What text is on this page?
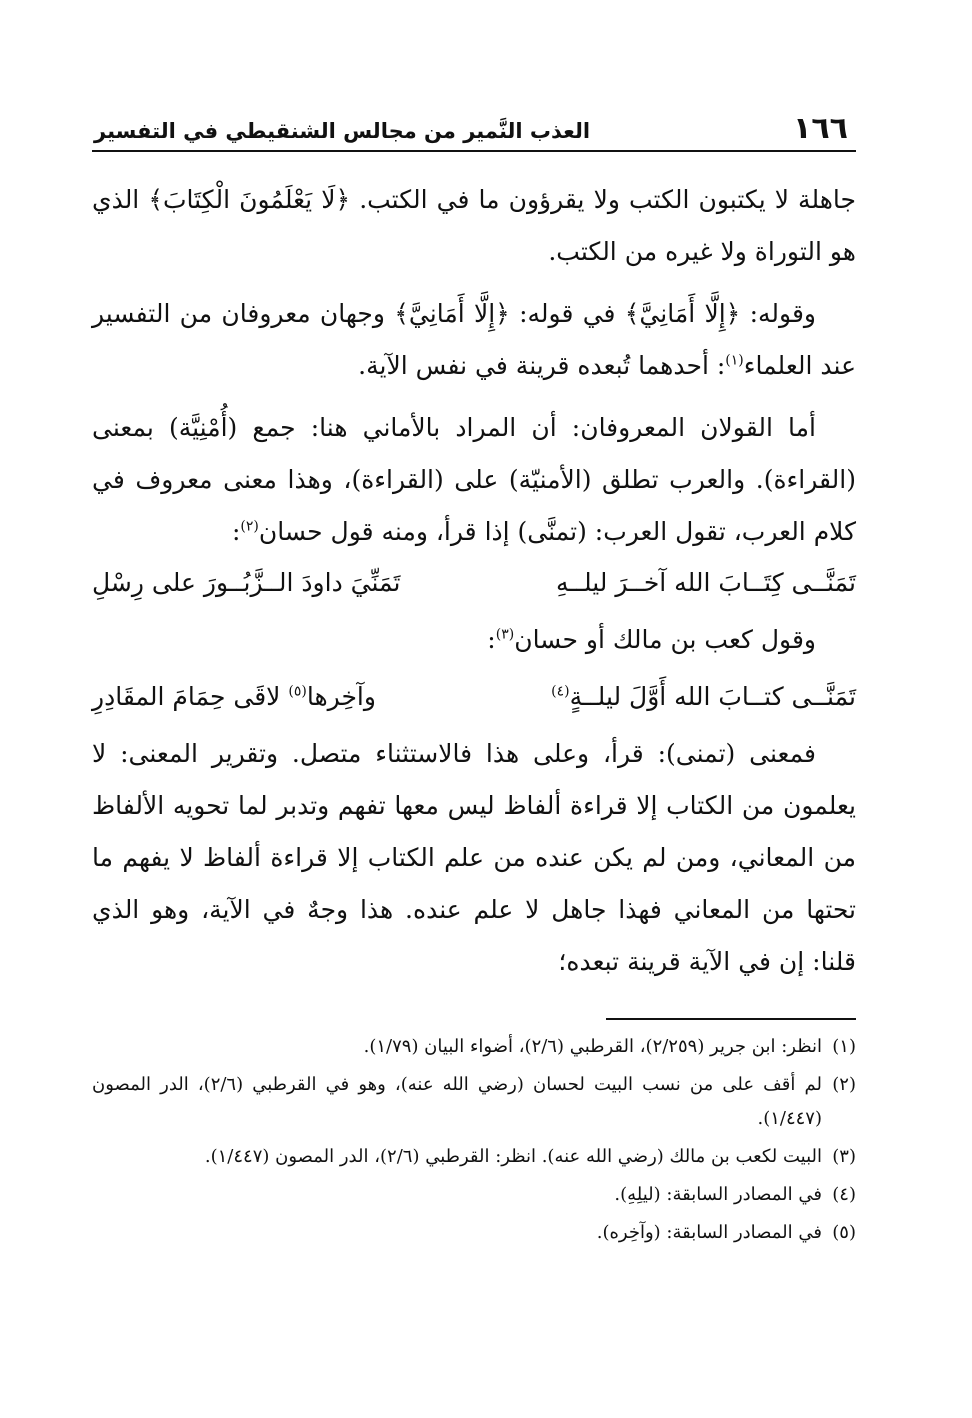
١٦٦
العذب النَّمير من مجالس الشنقيطي في التفسير

جاهلة لا يكتبون الكتب ولا يقرؤون ما في الكتب. ﴿لَا يَعْلَمُونَ الْكِتَابَ﴾ الذي هو التوراة ولا غيره من الكتب.

وقوله: ﴿إِلَّا أَمَانِيَّ﴾ في قوله: ﴿إِلَّا أَمَانِيَّ﴾ وجهان معروفان من التفسير عند العلماء$^{(١)}$: أحدهما تُبعده قرينة في نفس الآية.

أما القولان المعروفان: أن المراد بالأماني هنا: جمع (أُمْنِيَّة) بمعنى (القراءة). والعرب تطلق (الأمنيّة) على (القراءة)، وهذا معنى معروف في كلام العرب، تقول العرب: (تمنَّى) إذا قرأ، ومنه قول حسان$^{(٢)}$:

تَمَنَّــى كِتَــابَ الله آخــرَ ليلــهِ
تَمَنِّيَ داودَ الــزَّبُــورَ على رِسْلِ

وقول كعب بن مالك أو حسان$^{(٣)}$:

تَمَنَّــى كتــابَ الله أَوَّلَ ليلــةٍ$^{(٤)}$
وآخِرها$^{(٥)}$ لاقَى حِمَامَ المقَادِرِ

فمعنى (تمنى): قرأ، وعلى هذا فالاستثناء متصل. وتقرير المعنى: لا يعلمون من الكتاب إلا قراءة ألفاظ ليس معها تفهم وتدبر لما تحويه الألفاظ من المعاني، ومن لم يكن عنده من علم الكتاب إلا قراءة ألفاظ لا يفهم ما تحتها من المعاني فهذا جاهل لا علم عنده. هذا وجهٌ في الآية، وهو الذي قلنا: إن في الآية قرينة تبعده؛

(١)
انظر: ابن جرير (٢/٢٥٩)، القرطبي (٢/٦)، أضواء البيان (١/٧٩).
(٢)
لم أقف على من نسب البيت لحسان (رضي الله عنه)، وهو في القرطبي (٢/٦)، الدر المصون (١/٤٤٧).
(٣)
البيت لكعب بن مالك (رضي الله عنه). انظر: القرطبي (٢/٦)، الدر المصون (١/٤٤٧).
(٤)
في المصادر السابقة: (ليلِهِ).
(٥)
في المصادر السابقة: (وآخِره).
